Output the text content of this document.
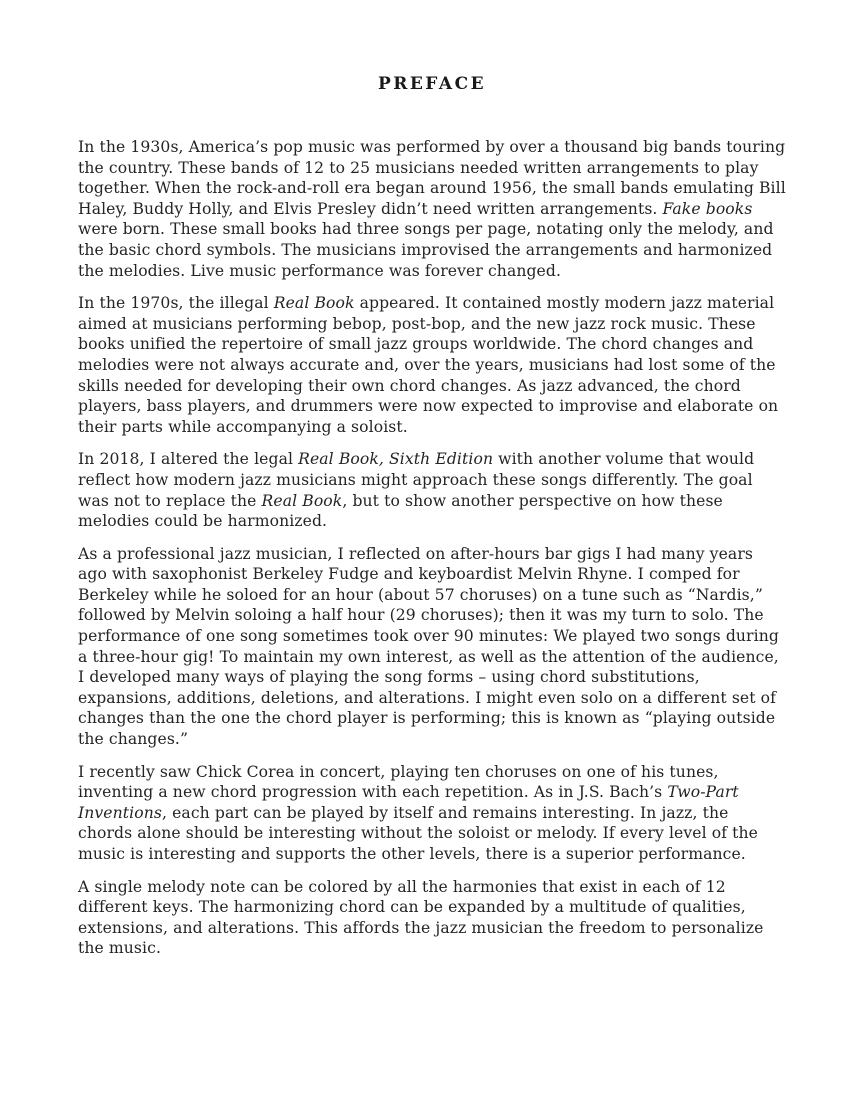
PREFACE

In the 1930s, America’s pop music was performed by over a thousand big bands touring the country. These bands of 12 to 25 musicians needed written arrangements to play together. When the rock-and-roll era began around 1956, the small bands emulating Bill Haley, Buddy Holly, and Elvis Presley didn’t need written arrangements. Fake books were born. These small books had three songs per page, notating only the melody, and the basic chord symbols. The musicians improvised the arrangements and harmonized the melodies. Live music performance was forever changed.

In the 1970s, the illegal Real Book appeared. It contained mostly modern jazz material aimed at musicians performing bebop, post-bop, and the new jazz rock music. These books unified the repertoire of small jazz groups worldwide. The chord changes and melodies were not always accurate and, over the years, musicians had lost some of the skills needed for developing their own chord changes. As jazz advanced, the chord players, bass players, and drummers were now expected to improvise and elaborate on their parts while accompanying a soloist.

In 2018, I altered the legal Real Book, Sixth Edition with another volume that would reflect how modern jazz musicians might approach these songs differently. The goal was not to replace the Real Book, but to show another perspective on how these melodies could be harmonized.

As a professional jazz musician, I reflected on after-hours bar gigs I had many years ago with saxophonist Berkeley Fudge and keyboardist Melvin Rhyne. I comped for Berkeley while he soloed for an hour (about 57 choruses) on a tune such as “Nardis,” followed by Melvin soloing a half hour (29 choruses); then it was my turn to solo. The performance of one song sometimes took over 90 minutes: We played two songs during a three-hour gig! To maintain my own interest, as well as the attention of the audience, I developed many ways of playing the song forms – using chord substitutions, expansions, additions, deletions, and alterations. I might even solo on a different set of changes than the one the chord player is performing; this is known as “playing outside the changes.”

I recently saw Chick Corea in concert, playing ten choruses on one of his tunes, inventing a new chord progression with each repetition. As in J.S. Bach’s Two-Part Inventions, each part can be played by itself and remains interesting. In jazz, the chords alone should be interesting without the soloist or melody. If every level of the music is interesting and supports the other levels, there is a superior performance.

A single melody note can be colored by all the harmonies that exist in each of 12 different keys. The harmonizing chord can be expanded by a multitude of qualities, extensions, and alterations. This affords the jazz musician the freedom to personalize the music.
